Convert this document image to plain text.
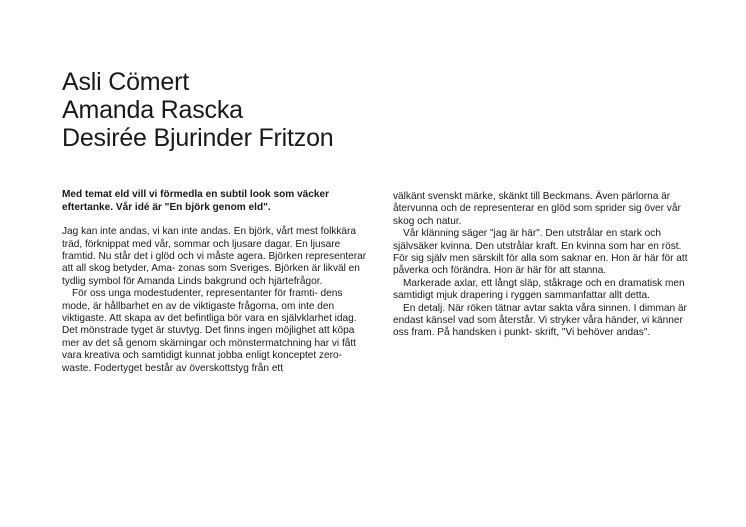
Asli Cömert
Amanda Rascka
Desirée Bjurinder Fritzon

Med temat eld vill vi förmedla en subtil look som väcker eftertanke. Vår idé är "En björk genom eld".

Jag kan inte andas, vi kan inte andas. En björk, vårt mest folkkära träd, förknippat med vår, sommar och ljusare dagar. En ljusare framtid. Nu står det i glöd och vi måste agera. Björken representerar att all skog betyder, Ama- zonas som Sveriges. Björken är likväl en tydlig symbol för Amanda Linds bakgrund och hjärtefrågor.

För oss unga modestudenter, representanter för framti- dens mode, är hållbarhet en av de viktigaste frågorna, om inte den viktigaste. Att skapa av det befintliga bör vara en självklarhet idag. Det mönstrade tyget är stuvtyg. Det finns ingen möjlighet att köpa mer av det så genom skärningar och mönstermatchning har vi fått vara kreativa och samtidigt kunnat jobba enligt konceptet zero-waste. Fodertyget består av överskottstyg från ett

välkänt svenskt märke, skänkt till Beckmans. Även pärlorna är återvunna och de representerar en glöd som sprider sig över vår skog och natur.

Vår klänning säger "jag är här". Den utstrålar en stark och självsäker kvinna. Den utstrålar kraft. En kvinna som har en röst. För sig själv men särskilt för alla som saknar en. Hon är här för att påverka och förändra. Hon är här för att stanna.

Markerade axlar, ett långt släp, ståkrage och en dramatisk men samtidigt mjuk drapering i ryggen sammanfattar allt detta.

En detalj. När röken tätnar avtar sakta våra sinnen. I dimman är endast känsel vad som återstår. Vi stryker våra händer, vi känner oss fram. På handsken i punkt- skrift, "Vi behöver andas".
